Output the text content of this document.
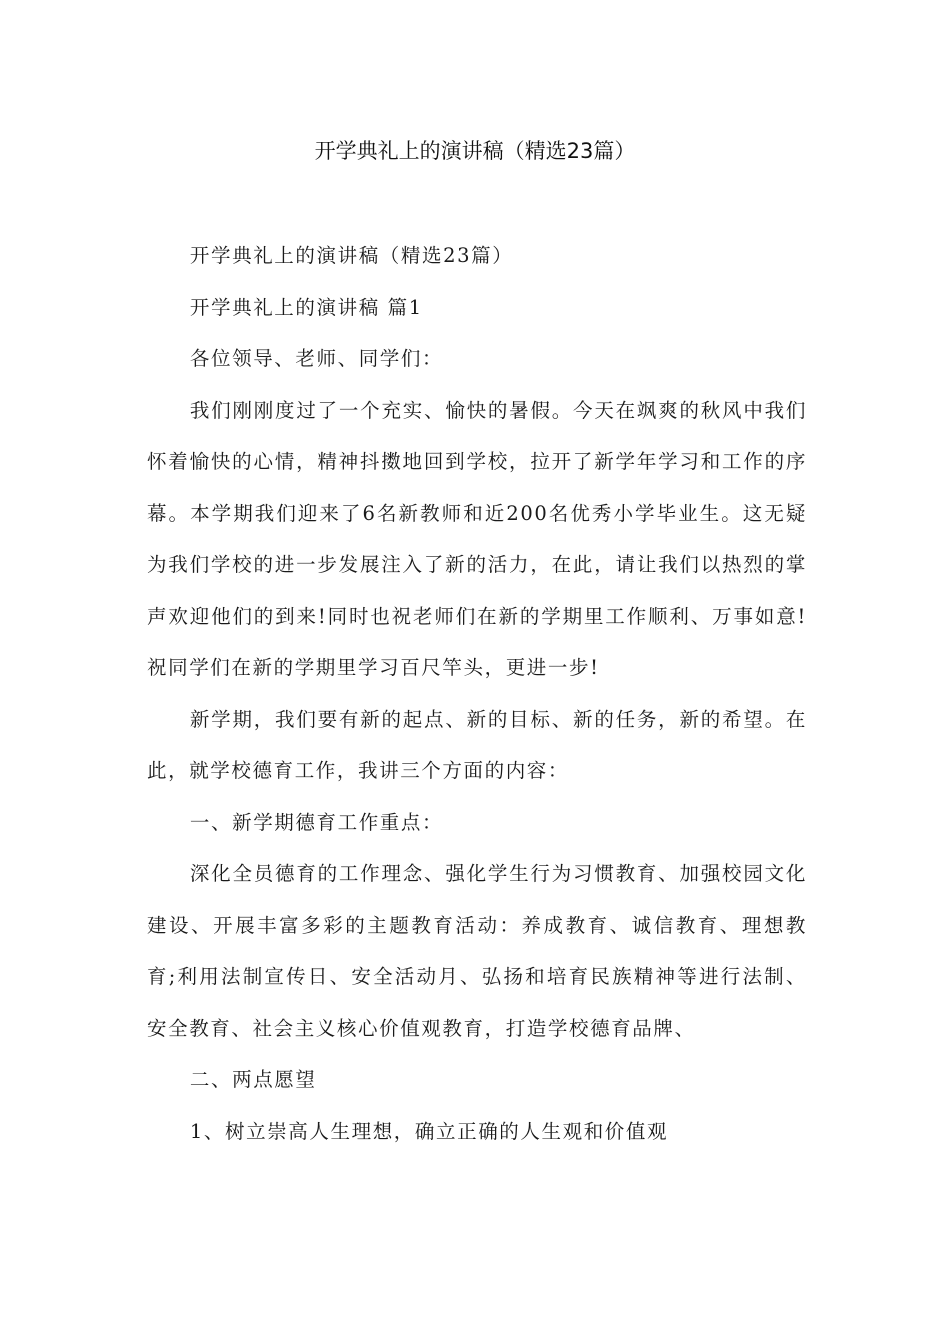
开学典礼上的演讲稿（精选23篇）

开学典礼上的演讲稿（精选23篇）

开学典礼上的演讲稿 篇1

各位领导、老师、同学们：

我们刚刚度过了一个充实、愉快的暑假。今天在飒爽的秋风中我们怀着愉快的心情，精神抖擞地回到学校，拉开了新学年学习和工作的序幕。本学期我们迎来了6名新教师和近200名优秀小学毕业生。这无疑为我们学校的进一步发展注入了新的活力，在此，请让我们以热烈的掌声欢迎他们的到来!同时也祝老师们在新的学期里工作顺利、万事如意!祝同学们在新的学期里学习百尺竿头，更进一步!

新学期，我们要有新的起点、新的目标、新的任务，新的希望。在此，就学校德育工作，我讲三个方面的内容：

一、新学期德育工作重点：

深化全员德育的工作理念、强化学生行为习惯教育、加强校园文化建设、开展丰富多彩的主题教育活动：养成教育、诚信教育、理想教育;利用法制宣传日、安全活动月、弘扬和培育民族精神等进行法制、安全教育、社会主义核心价值观教育，打造学校德育品牌、

二、两点愿望

1、树立崇高人生理想，确立正确的人生观和价值观
